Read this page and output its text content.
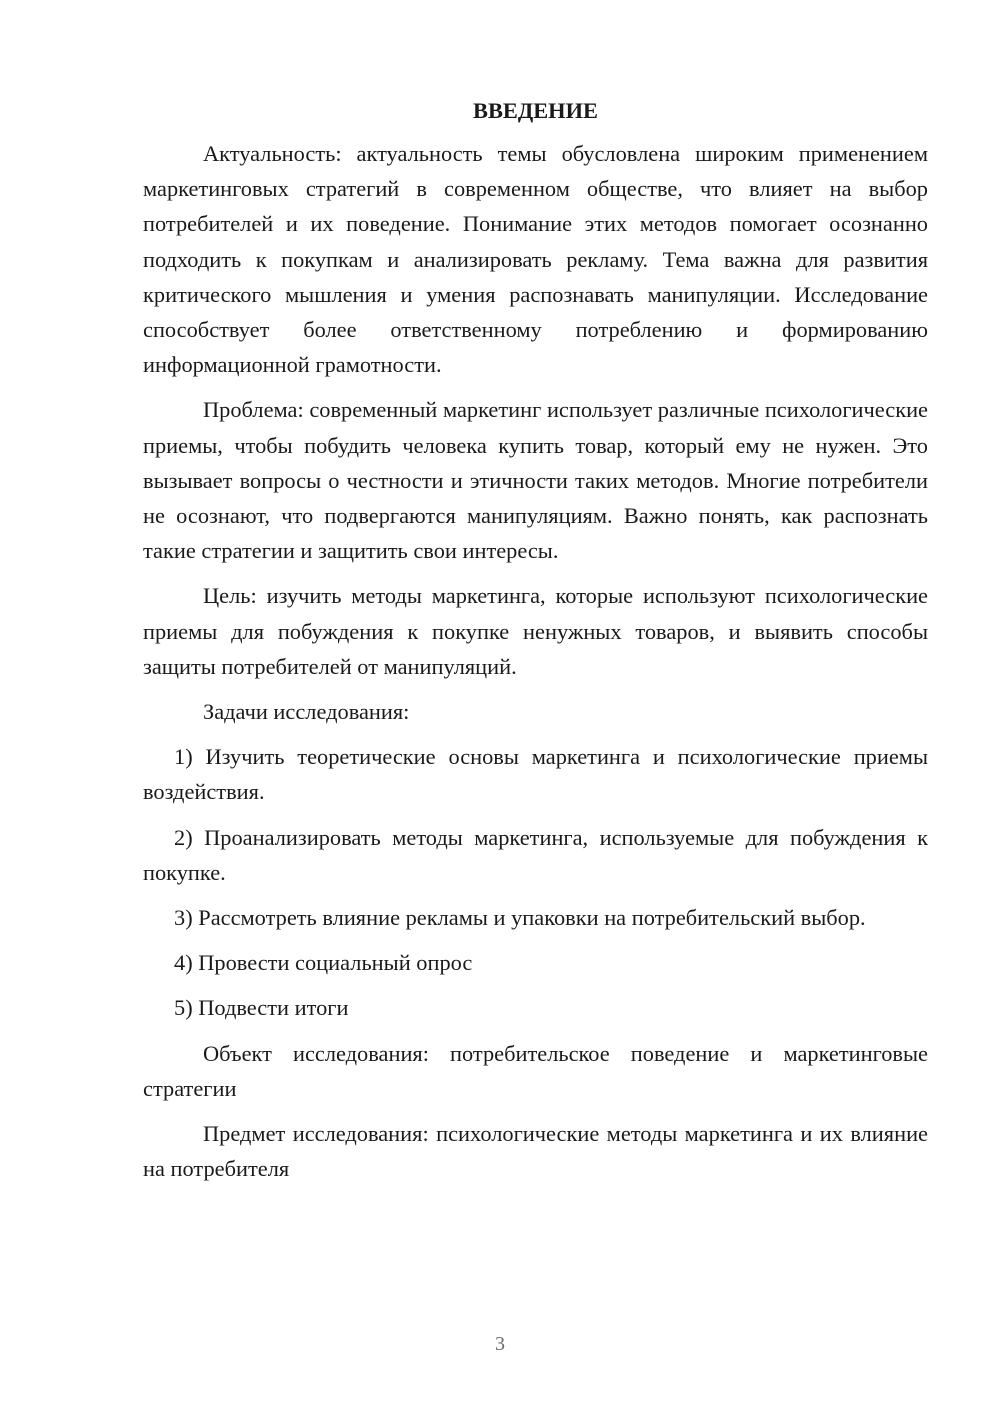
ВВЕДЕНИЕ

Актуальность: актуальность темы обусловлена широким применением маркетинговых стратегий в современном обществе, что влияет на выбор потребителей и их поведение. Понимание этих методов помогает осознанно подходить к покупкам и анализировать рекламу. Тема важна для развития критического мышления и умения распознавать манипуляции. Исследование способствует более ответственному потреблению и формированию информационной грамотности.

Проблема: современный маркетинг использует различные психологические приемы, чтобы побудить человека купить товар, который ему не нужен. Это вызывает вопросы о честности и этичности таких методов. Многие потребители не осознают, что подвергаются манипуляциям. Важно понять, как распознать такие стратегии и защитить свои интересы.

Цель: изучить методы маркетинга, которые используют психологические приемы для побуждения к покупке ненужных товаров, и выявить способы защиты потребителей от манипуляций.

Задачи исследования:

1) Изучить теоретические основы маркетинга и психологические приемы воздействия.

2) Проанализировать методы маркетинга, используемые для побуждения к покупке.

3) Рассмотреть влияние рекламы и упаковки на потребительский выбор.

4) Провести социальный опрос

5) Подвести итоги

Объект исследования: потребительское поведение и маркетинговые стратегии

Предмет исследования: психологические методы маркетинга и их влияние на потребителя

3
